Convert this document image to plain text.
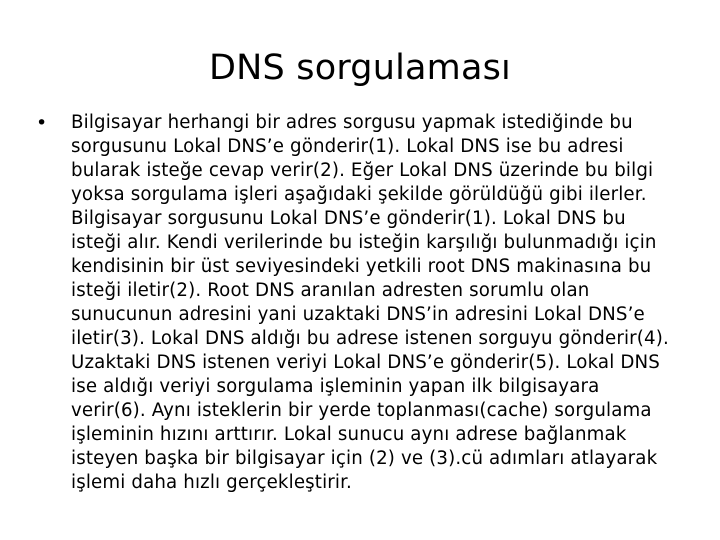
DNS sorgulaması
• Bilgisayar herhangi bir adres sorgusu yapmak istediğinde bu
sorgusunu Lokal DNS’e gönderir(1). Lokal DNS ise bu adresi
bularak isteğe cevap verir(2). Eğer Lokal DNS üzerinde bu bilgi
yoksa sorgulama işleri aşağıdaki şekilde görüldüğü gibi ilerler.
Bilgisayar sorgusunu Lokal DNS’e gönderir(1). Lokal DNS bu
isteği alır. Kendi verilerinde bu isteğin karşılığı bulunmadığı için
kendisinin bir üst seviyesindeki yetkili root DNS makinasına bu
isteği iletir(2). Root DNS aranılan adresten sorumlu olan
sunucunun adresini yani uzaktaki DNS’in adresini Lokal DNS’e
iletir(3). Lokal DNS aldığı bu adrese istenen sorguyu gönderir(4).
Uzaktaki DNS istenen veriyi Lokal DNS’e gönderir(5). Lokal DNS
ise aldığı veriyi sorgulama işleminin yapan ilk bilgisayara
verir(6). Aynı isteklerin bir yerde toplanması(cache) sorgulama
işleminin hızını arttırır. Lokal sunucu aynı adrese bağlanmak
isteyen başka bir bilgisayar için (2) ve (3).cü adımları atlayarak
işlemi daha hızlı gerçekleştirir.
